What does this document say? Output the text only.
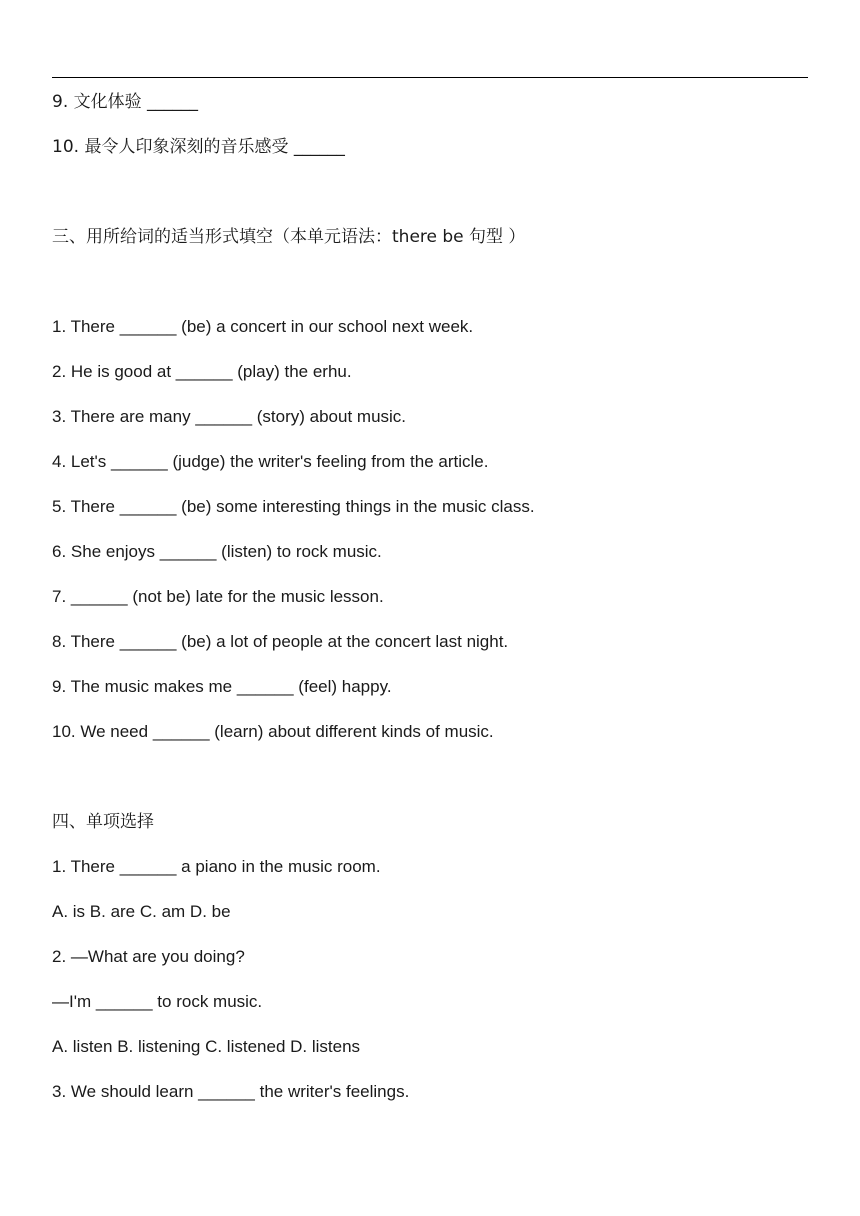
9. 文化体验 ______
10. 最令人印象深刻的音乐感受 ______
三、用所给词的适当形式填空（本单元语法：there be 句型 ）
1. There ______ (be) a concert in our school next week.
2. He is good at ______ (play) the erhu.
3. There are many ______ (story) about music.
4. Let's ______ (judge) the writer's feeling from the article.
5. There ______ (be) some interesting things in the music class.
6. She enjoys ______ (listen) to rock music.
7. ______ (not be) late for the music lesson.
8. There ______ (be) a lot of people at the concert last night.
9. The music makes me ______ (feel) happy.
10. We need ______ (learn) about different kinds of music.
四、单项选择
1. There ______ a piano in the music room.
A. is B. are C. am D. be
2. —What are you doing?
—I'm ______ to rock music.
A. listen B. listening C. listened D. listens
3. We should learn ______ the writer's feelings.
